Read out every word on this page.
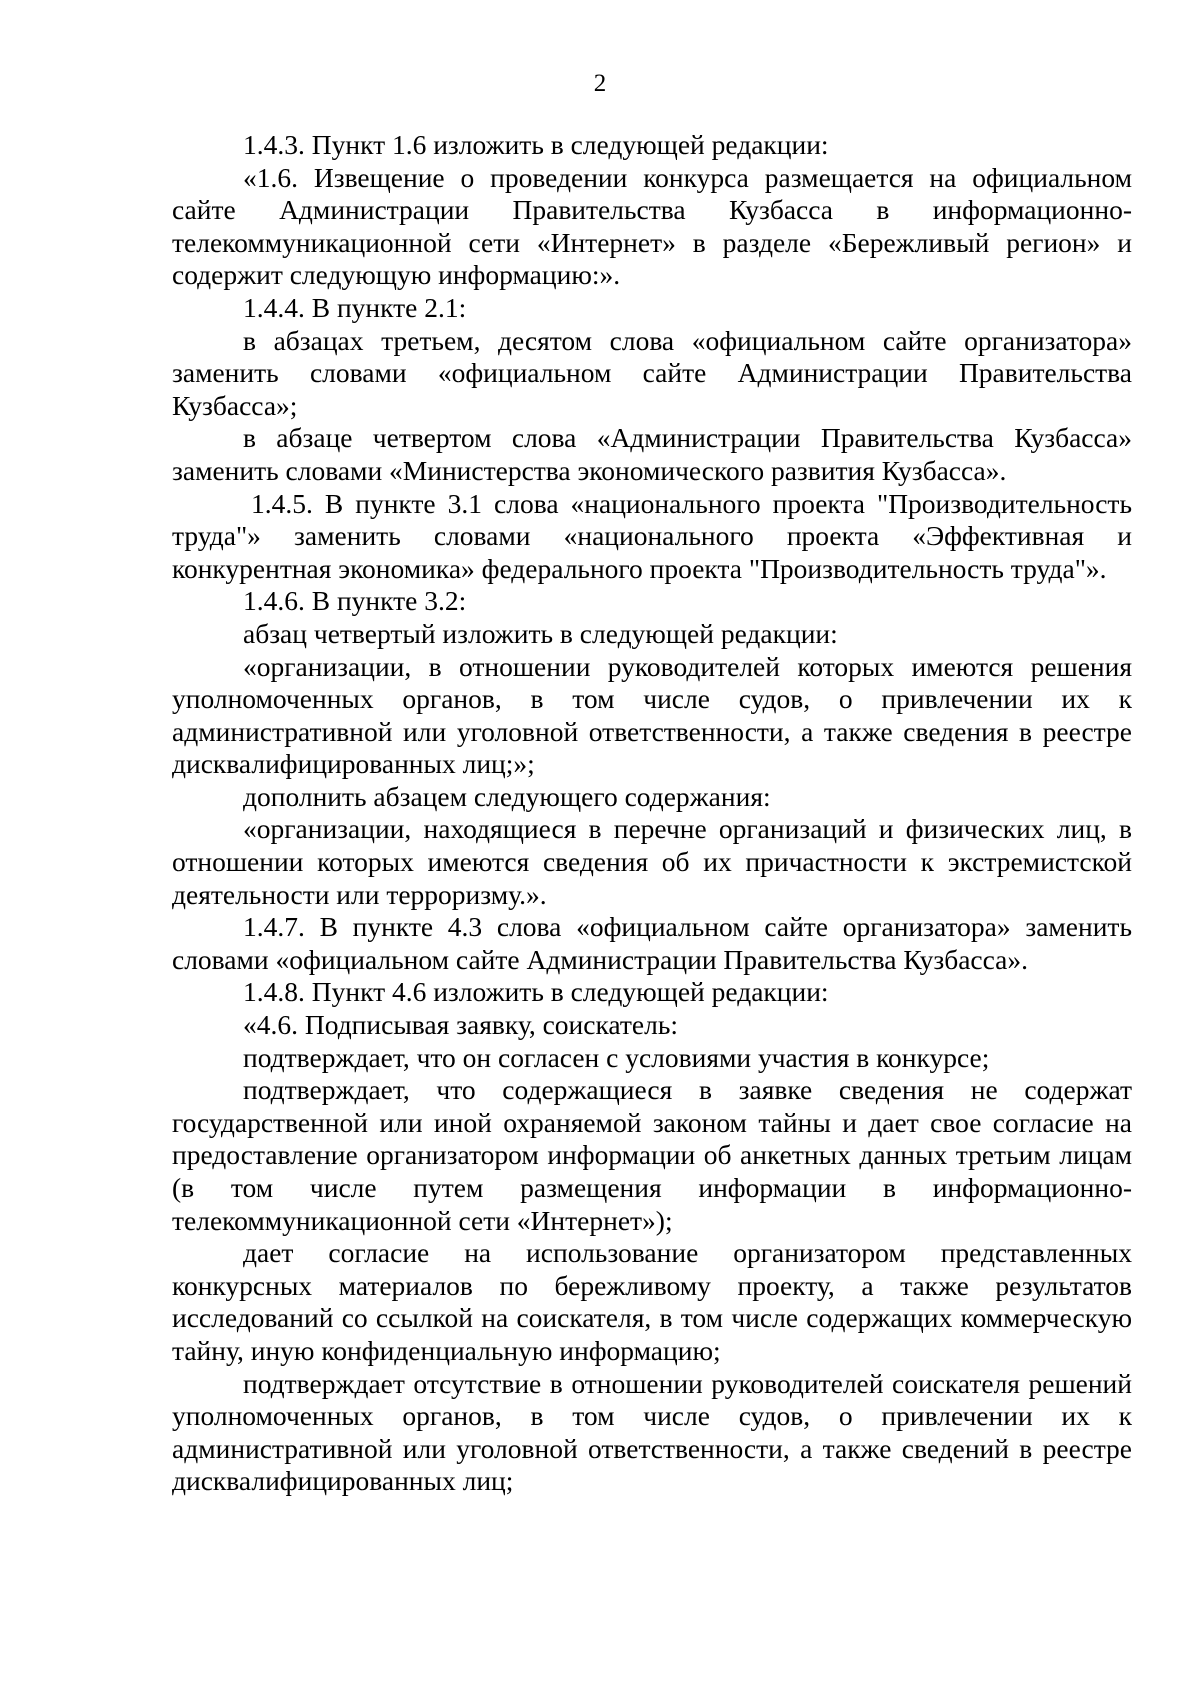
2

1.4.3. Пункт 1.6 изложить в следующей редакции:

«1.6. Извещение о проведении конкурса размещается на официальном сайте Администрации Правительства Кузбасса в информационно-телекоммуникационной сети «Интернет» в разделе «Бережливый регион» и содержит следующую информацию:».

1.4.4. В пункте 2.1:

в абзацах третьем, десятом слова «официальном сайте организатора» заменить словами «официальном сайте Администрации Правительства Кузбасса»;

в абзаце четвертом слова «Администрации Правительства Кузбасса» заменить словами «Министерства экономического развития Кузбасса».

1.4.5. В пункте 3.1 слова «национального проекта "Производительность труда"» заменить словами «национального проекта «Эффективная и конкурентная экономика» федерального проекта "Производительность труда"».

1.4.6. В пункте 3.2:

абзац четвертый изложить в следующей редакции:

«организации, в отношении руководителей которых имеются решения уполномоченных органов, в том числе судов, о привлечении их к административной или уголовной ответственности, а также сведения в реестре дисквалифицированных лиц;»;

дополнить абзацем следующего содержания:

«организации, находящиеся в перечне организаций и физических лиц, в отношении которых имеются сведения об их причастности к экстремистской деятельности или терроризму.».

1.4.7. В пункте 4.3 слова «официальном сайте организатора» заменить словами «официальном сайте Администрации Правительства Кузбасса».

1.4.8. Пункт 4.6 изложить в следующей редакции:

«4.6. Подписывая заявку, соискатель:

подтверждает, что он согласен с условиями участия в конкурсе;

подтверждает, что содержащиеся в заявке сведения не содержат государственной или иной охраняемой законом тайны и дает свое согласие на предоставление организатором информации об анкетных данных третьим лицам (в том числе путем размещения информации в информационно-телекоммуникационной сети «Интернет»);

дает согласие на использование организатором представленных конкурсных материалов по бережливому проекту, а также результатов исследований со ссылкой на соискателя, в том числе содержащих коммерческую тайну, иную конфиденциальную информацию;

подтверждает отсутствие в отношении руководителей соискателя решений уполномоченных органов, в том числе судов, о привлечении их к административной или уголовной ответственности, а также сведений в реестре дисквалифицированных лиц;
